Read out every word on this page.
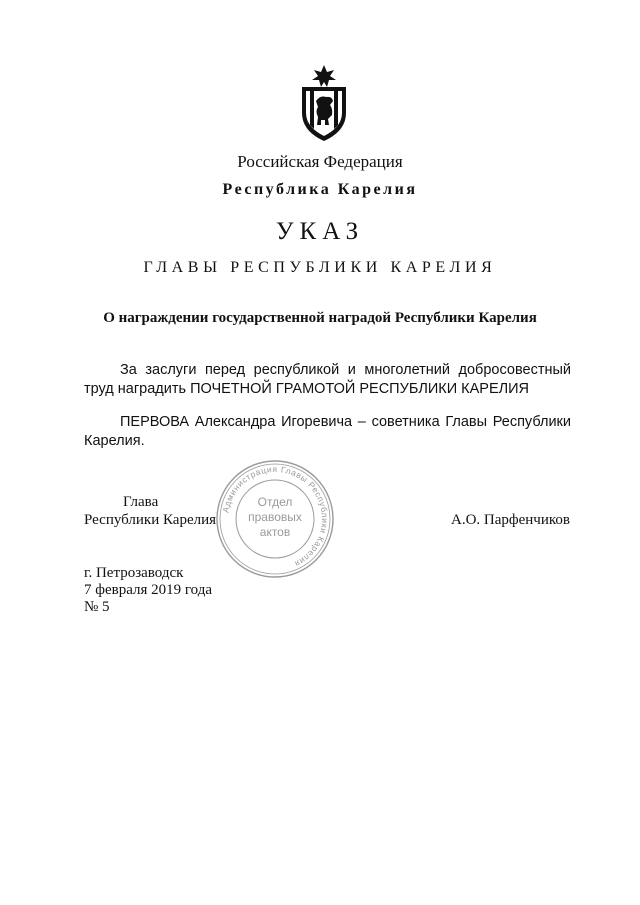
Российская Федерация
Республика Карелия
УКАЗ
ГЛАВЫ РЕСПУБЛИКИ КАРЕЛИЯ
О награждении государственной наградой Республики Карелия
За заслуги перед республикой и многолетний добросовестный труд наградить ПОЧЕТНОЙ ГРАМОТОЙ РЕСПУБЛИКИ КАРЕЛИЯ
ПЕРВОВА Александра Игоревича – советника Главы Республики Карелия.
Глава
Республики Карелия	А.О. Парфенчиков
Администрация Главы Республики Карелия
Отдел
правовых
актов
г. Петрозаводск
7 февраля 2019 года
№ 5
